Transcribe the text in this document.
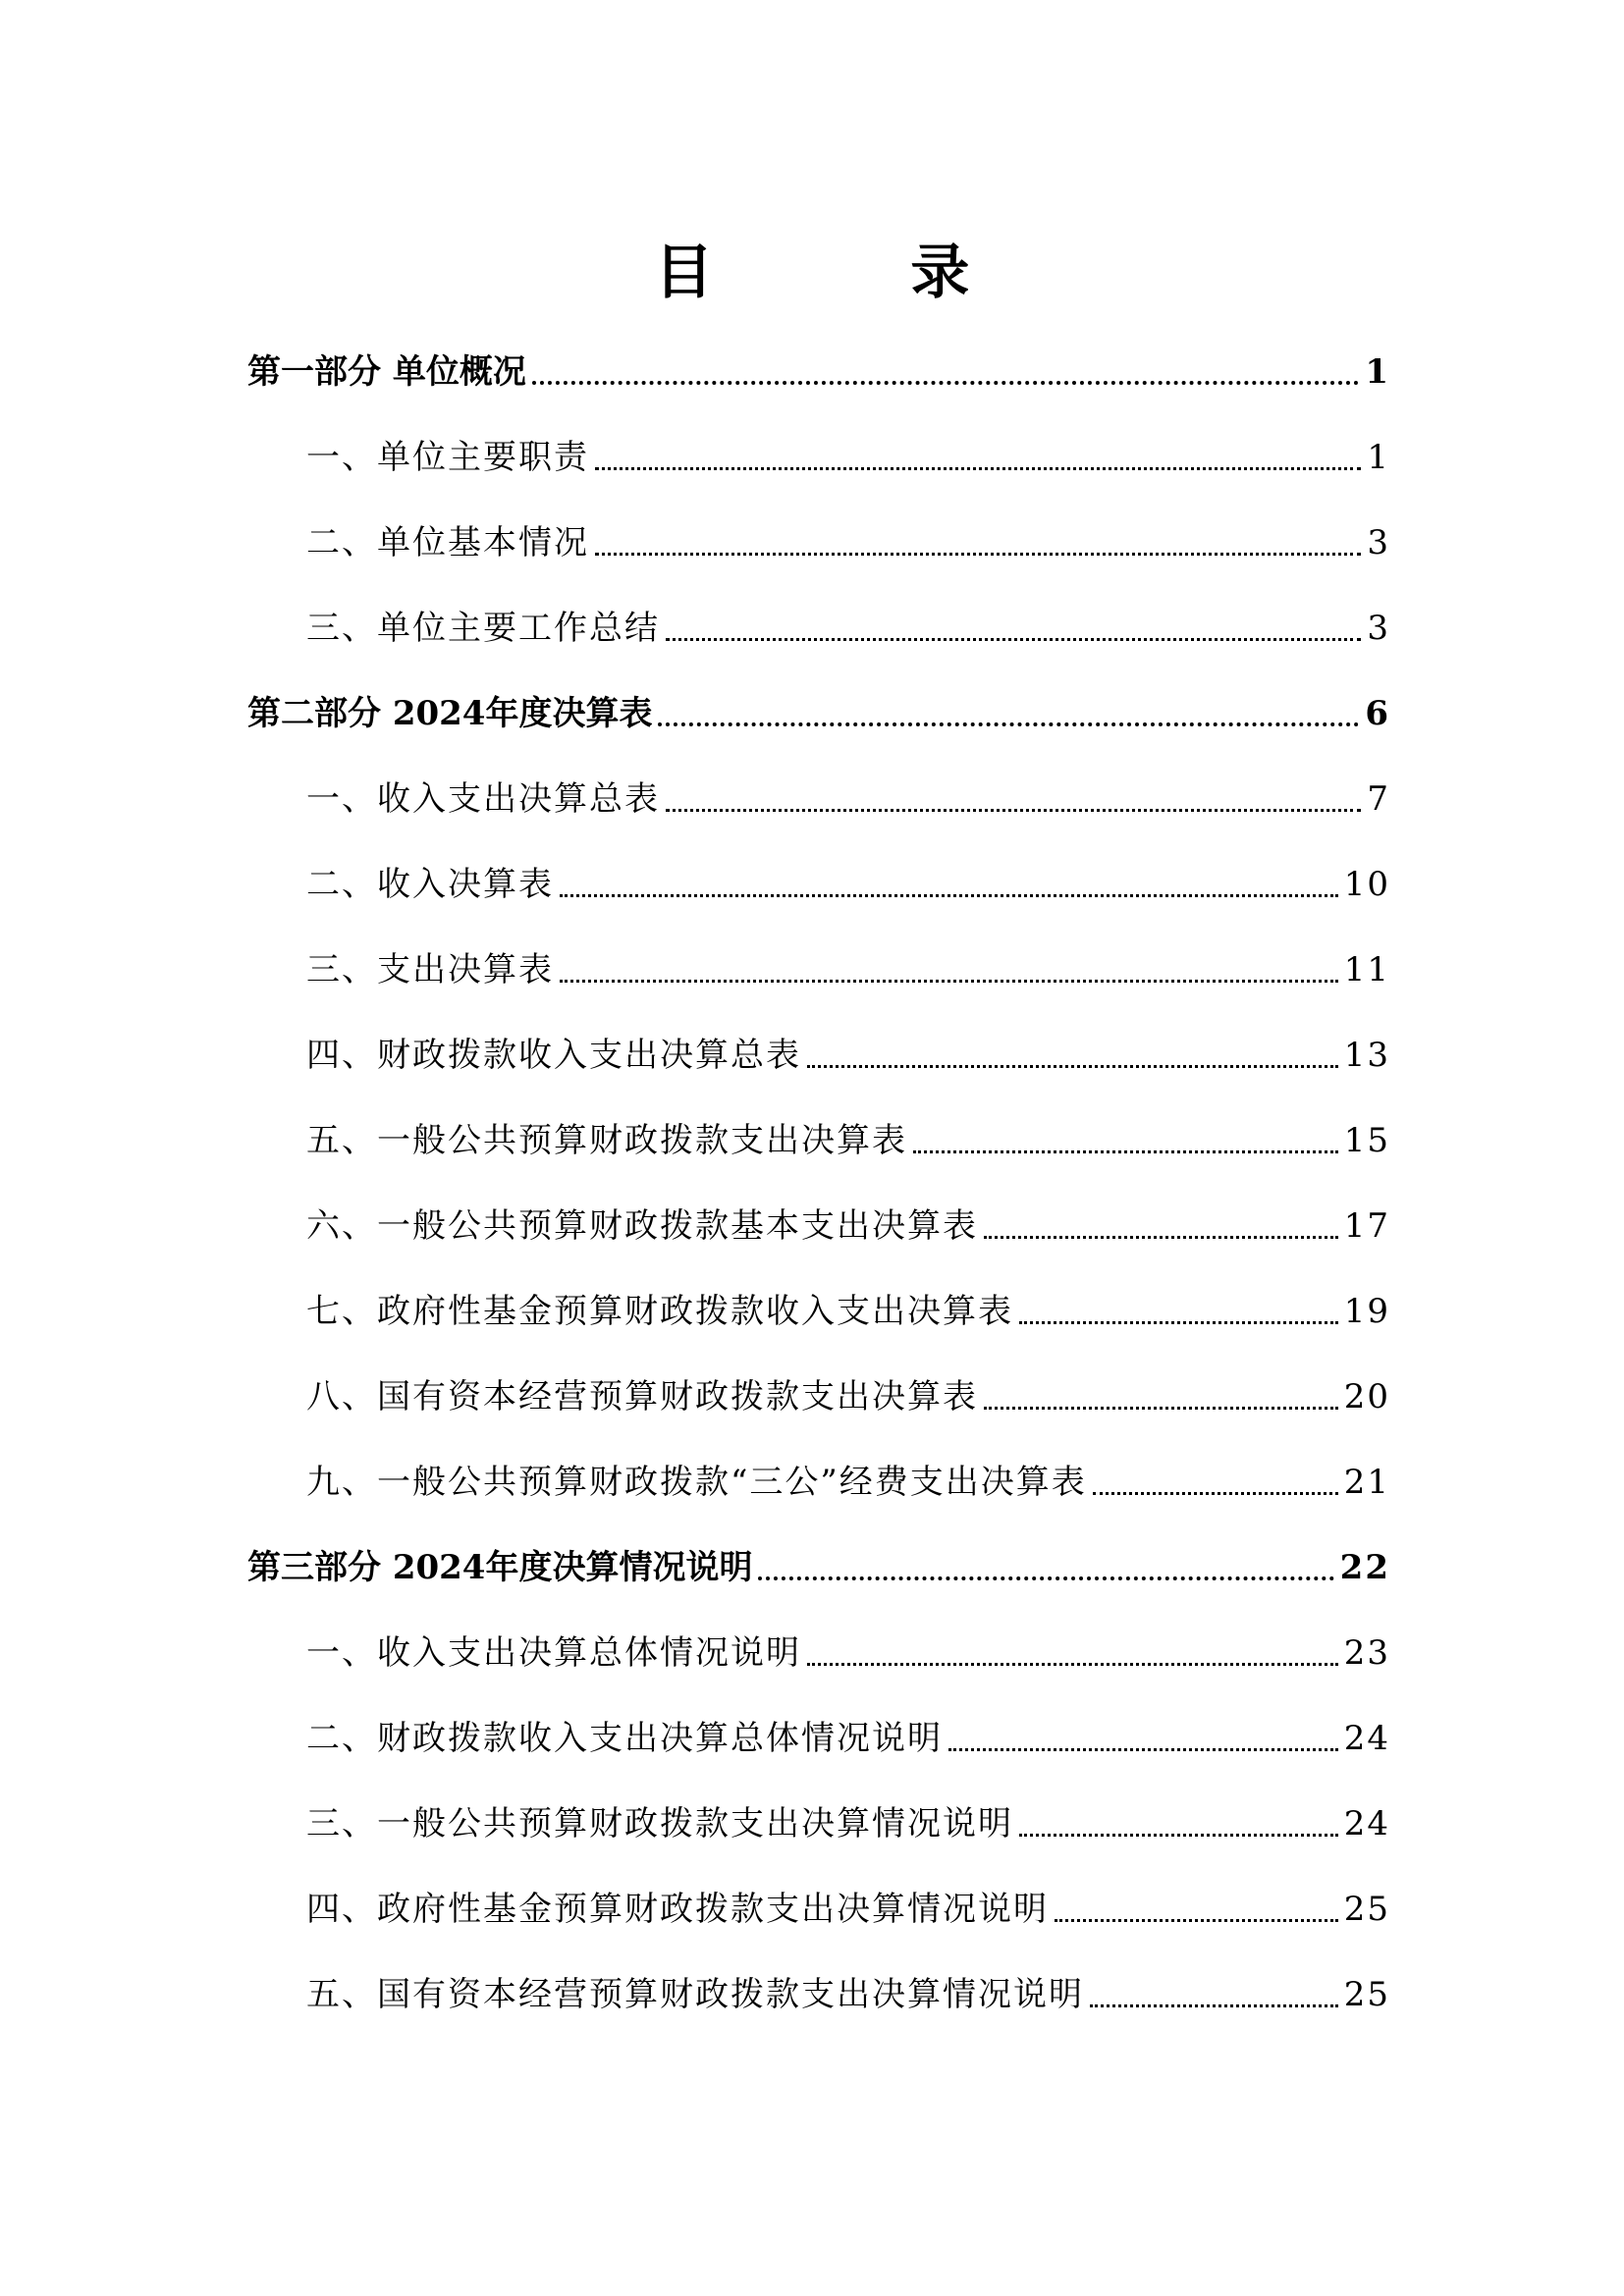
目 录
第一部分 单位概况	1
一、单位主要职责	1
二、单位基本情况	3
三、单位主要工作总结	3
第二部分 2024年度决算表	6
一、收入支出决算总表	7
二、收入决算表	10
三、支出决算表	11
四、财政拨款收入支出决算总表	13
五、一般公共预算财政拨款支出决算表	15
六、一般公共预算财政拨款基本支出决算表	17
七、政府性基金预算财政拨款收入支出决算表	19
八、国有资本经营预算财政拨款支出决算表	20
九、一般公共预算财政拨款“三公”经费支出决算表	21
第三部分 2024年度决算情况说明	22
一、收入支出决算总体情况说明	23
二、财政拨款收入支出决算总体情况说明	24
三、一般公共预算财政拨款支出决算情况说明	24
四、政府性基金预算财政拨款支出决算情况说明	25
五、国有资本经营预算财政拨款支出决算情况说明	25
